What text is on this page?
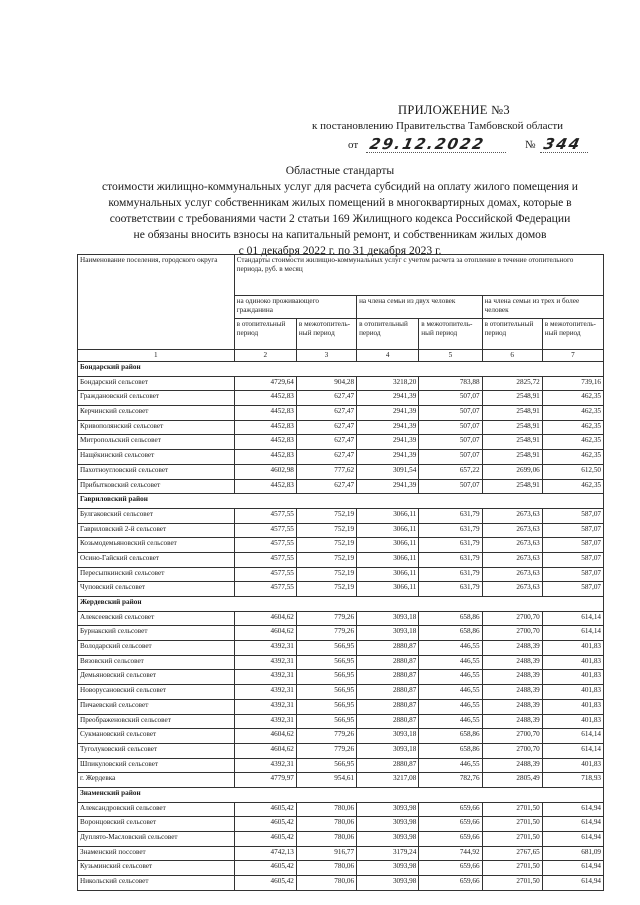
ПРИЛОЖЕНИЕ №3
к постановлению Правительства Тамбовской области
от 29.12.2022	№ 344
Областные стандарты
стоимости жилищно-коммунальных услуг для расчета субсидий на оплату жилого помещения и
коммунальных услуг собственникам жилых помещений в многоквартирных домах, которые в
соответствии с требованиями части 2 статьи 169 Жилищного кодекса Российской Федерации
не обязаны вносить взносы на капитальный ремонт, и собственникам жилых домов
с 01 декабря 2022 г. по 31 декабря 2023 г.
Наименование поселения, городского округа	Стандарты стоимости жилищно-коммунальных услуг с учетом расчета за отопление в течение отопительного периода, руб. в месяц					
	на одиноко проживающего гражданина		на члена семьи из двух человек		на члена семьи из трех и более человек	
	в отопительный период	в межотопитель-ный период	в отопительный период	в межотопитель-ный период	в отопительный период	в межотопитель-ный период
1	2	3	4	5	6	7
Бондарский район						
Бондарский сельсовет	4729,64	904,28	3218,20	783,88	2825,72	739,16
Граждановский сельсовет	4452,83	627,47	2941,39	507,07	2548,91	462,35
Керчинский сельсовет	4452,83	627,47	2941,39	507,07	2548,91	462,35
Кривополянский сельсовет	4452,83	627,47	2941,39	507,07	2548,91	462,35
Митропольский сельсовет	4452,83	627,47	2941,39	507,07	2548,91	462,35
Нащёкинский сельсовет	4452,83	627,47	2941,39	507,07	2548,91	462,35
Пахотноугловский сельсовет	4602,98	777,62	3091,54	657,22	2699,06	612,50
Прибытковский сельсовет	4452,83	627,47	2941,39	507,07	2548,91	462,35
Гавриловский район						
Булгаковский сельсовет	4577,55	752,19	3066,11	631,79	2673,63	587,07
Гавриловский 2-й сельсовет	4577,55	752,19	3066,11	631,79	2673,63	587,07
Козьмодемьяновский сельсовет	4577,55	752,19	3066,11	631,79	2673,63	587,07
Осино-Гайский сельсовет	4577,55	752,19	3066,11	631,79	2673,63	587,07
Пересыпкинский сельсовет	4577,55	752,19	3066,11	631,79	2673,63	587,07
Чуповский сельсовет	4577,55	752,19	3066,11	631,79	2673,63	587,07
Жердевский район						
Алексеевский сельсовет	4604,62	779,26	3093,18	658,86	2700,70	614,14
Бурнакский сельсовет	4604,62	779,26	3093,18	658,86	2700,70	614,14
Володарский сельсовет	4392,31	566,95	2880,87	446,55	2488,39	401,83
Вязовский сельсовет	4392,31	566,95	2880,87	446,55	2488,39	401,83
Демьяновский сельсовет	4392,31	566,95	2880,87	446,55	2488,39	401,83
Новорусановский сельсовет	4392,31	566,95	2880,87	446,55	2488,39	401,83
Пичаевский сельсовет	4392,31	566,95	2880,87	446,55	2488,39	401,83
Преображеновский сельсовет	4392,31	566,95	2880,87	446,55	2488,39	401,83
Сукмановский сельсовет	4604,62	779,26	3093,18	658,86	2700,70	614,14
Туголуковский сельсовет	4604,62	779,26	3093,18	658,86	2700,70	614,14
Шпикуловский сельсовет	4392,31	566,95	2880,87	446,55	2488,39	401,83
г. Жердевка	4779,97	954,61	3217,08	782,76	2805,49	718,93
Знаменский район						
Александровский сельсовет	4605,42	780,06	3093,98	659,66	2701,50	614,94
Воронцовский сельсовет	4605,42	780,06	3093,98	659,66	2701,50	614,94
Дуплято-Масловский сельсовет	4605,42	780,06	3093,98	659,66	2701,50	614,94
Знаменский поссовет	4742,13	916,77	3179,24	744,92	2767,65	681,09
Кузьминский сельсовет	4605,42	780,06	3093,98	659,66	2701,50	614,94
Никольский сельсовет	4605,42	780,06	3093,98	659,66	2701,50	614,94
